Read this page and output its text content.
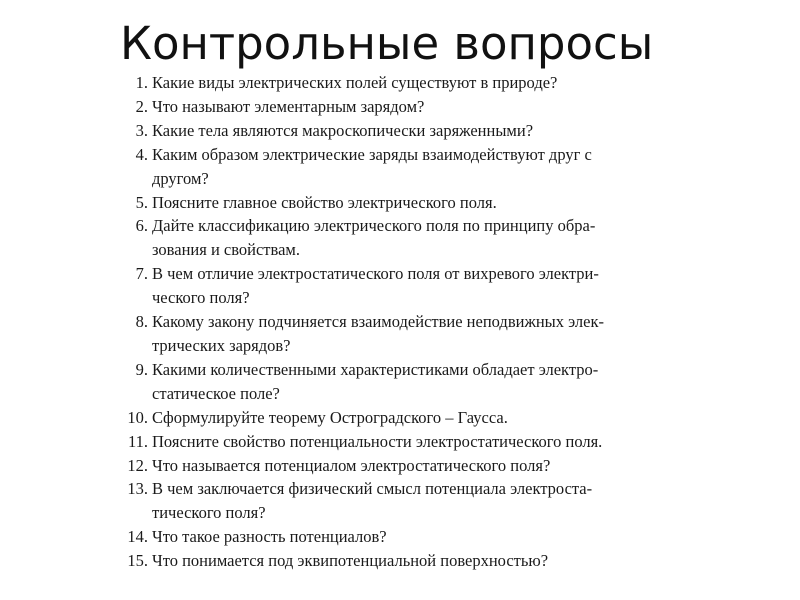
Контрольные вопросы
1. Какие виды электрических полей существуют в природе?
2. Что называют элементарным зарядом?
3. Какие тела являются макроскопически заряженными?
4. Каким образом электрические заряды взаимодействуют друг с
другом?
5. Поясните главное свойство электрического поля.
6. Дайте классификацию электрического поля по принципу обра-
зования и свойствам.
7. В чем отличие электростатического поля от вихревого электри-
ческого поля?
8. Какому закону подчиняется взаимодействие неподвижных элек-
трических зарядов?
9. Какими количественными характеристиками обладает электро-
статическое поле?
10. Сформулируйте теорему Остроградского – Гаусса.
11. Поясните свойство потенциальности электростатического поля.
12. Что называется потенциалом электростатического поля?
13. В чем заключается физический смысл потенциала электроста-
тического поля?
14. Что такое разность потенциалов?
15. Что понимается под эквипотенциальной поверхностью?
